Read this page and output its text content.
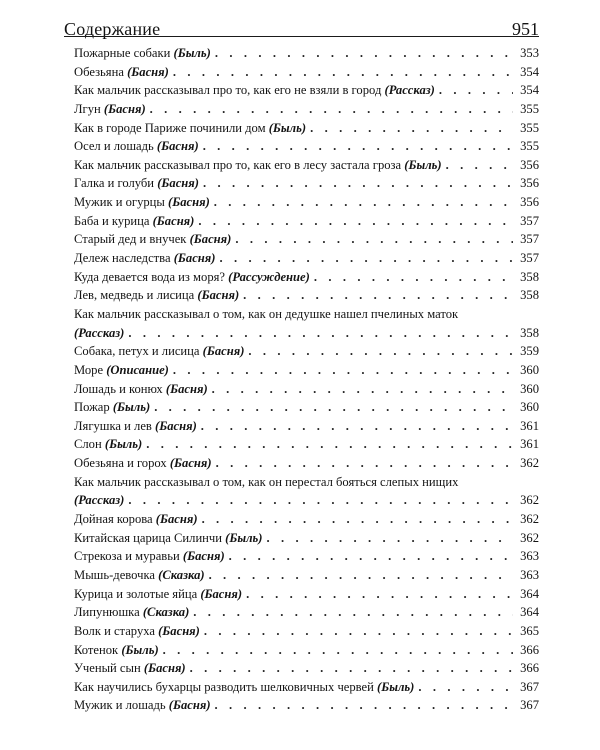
Содержание	951
Пожарные собаки (Быль) . . .	353
Обезьяна (Басня) . . .	354
Как мальчик рассказывал про то, как его не взяли в город (Рассказ) . . .	354
Лгун (Басня) . . .	355
Как в городе Париже починили дом (Быль) . . .	355
Осел и лошадь (Басня) . . .	355
Как мальчик рассказывал про то, как его в лесу застала гроза (Быль) . . .	356
Галка и голуби (Басня) . . .	356
Мужик и огурцы (Басня) . . .	356
Баба и курица (Басня) . . .	357
Старый дед и внучек (Басня) . . .	357
Дележ наследства (Басня) . . .	357
Куда девается вода из моря? (Рассуждение) . . .	358
Лев, медведь и лисица (Басня) . . .	358
Как мальчик рассказывал о том, как он дедушке нашел пчелиных маток
(Рассказ) . . .	358
Собака, петух и лисица (Басня) . . .	359
Море (Описание) . . .	360
Лошадь и конюх (Басня) . . .	360
Пожар (Быль) . . .	360
Лягушка и лев (Басня) . . .	361
Слон (Быль) . . .	361
Обезьяна и горох (Басня) . . .	362
Как мальчик рассказывал о том, как он перестал бояться слепых нищих
(Рассказ) . . .	362
Дойная корова (Басня) . . .	362
Китайская царица Силинчи (Быль) . . .	362
Стрекоза и муравьи (Басня) . . .	363
Мышь-девочка (Сказка) . . .	363
Курица и золотые яйца (Басня) . . .	364
Липунюшка (Сказка) . . .	364
Волк и старуха (Басня) . . .	365
Котенок (Быль) . . .	366
Ученый сын (Басня) . . .	366
Как научились бухарцы разводить шелковичных червей (Быль) . . .	367
Мужик и лошадь (Басня) . . .	367
